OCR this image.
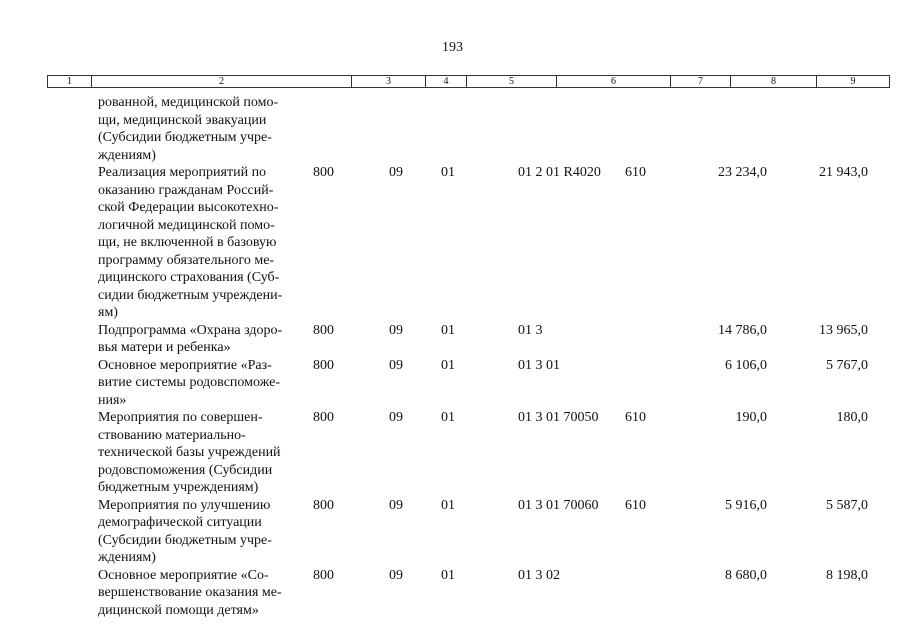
193
1	2	3	4	5	6	7	8	9
рованной, медицинской помо-
щи, медицинской эвакуации
(Субсидии бюджетным учре-
ждениям)
Реализация мероприятий по
оказанию гражданам Россий-
ской Федерации высокотехно-
логичной медицинской помо-
щи, не включенной в базовую
программу обязательного ме-
дицинского страхования (Суб-
сидии бюджетным учреждени-
ям)
800	09	01	01 2 01 R4020 610	23 234,0	21 943,0
Подпрограмма «Охрана здоро-
вья матери и ребенка»
800	09	01	01 3	14 786,0	13 965,0
Основное мероприятие «Раз-
витие системы родовспоможе-
ния»
800	09	01	01 3 01	6 106,0	5 767,0
Мероприятия по совершен-
ствованию материально-
технической базы учреждений
родовспоможения (Субсидии
бюджетным учреждениям)
800	09	01	01 3 01 70050 610	190,0	180,0
Мероприятия по улучшению
демографической ситуации
(Субсидии бюджетным учре-
ждениям)
800	09	01	01 3 01 70060 610	5 916,0	5 587,0
Основное мероприятие «Со-
вершенствование оказания ме-
дицинской помощи детям»
800	09	01	01 3 02	8 680,0	8 198,0
